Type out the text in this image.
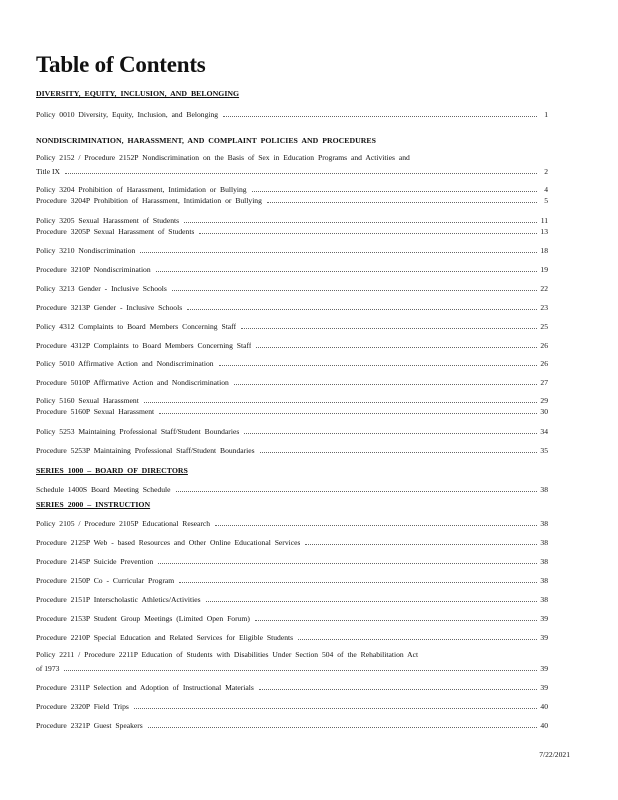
Table of Contents
DIVERSITY, EQUITY, INCLUSION, AND BELONGING
Policy 0010 Diversity, Equity, Inclusion, and Belonging	1
NONDISCRIMINATION, HARASSMENT, AND COMPLAINT POLICIES AND PROCEDURES
Policy 2152 / Procedure 2152P Nondiscrimination on the Basis of Sex in Education Programs and Activities and
Title IX	2
Policy 3204 Prohibition of Harassment, Intimidation or Bullying	4
Procedure 3204P Prohibition of Harassment, Intimidation or Bullying	5
Policy 3205 Sexual Harassment of Students	11
Procedure 3205P Sexual Harassment of Students	13
Policy 3210 Nondiscrimination	18
Procedure 3210P Nondiscrimination	19
Policy 3213 Gender - Inclusive Schools	22
Procedure 3213P Gender - Inclusive Schools	23
Policy 4312 Complaints to Board Members Concerning Staff	25
Procedure 4312P Complaints to Board Members Concerning Staff	26
Policy 5010 Affirmative Action and Nondiscrimination	26
Procedure 5010P Affirmative Action and Nondiscrimination	27
Policy 5160 Sexual Harassment	29
Procedure 5160P Sexual Harassment	30
Policy 5253 Maintaining Professional Staff/Student Boundaries	34
Procedure 5253P Maintaining Professional Staff/Student Boundaries	35
SERIES 1000 – BOARD OF DIRECTORS
Schedule 1400S Board Meeting Schedule	38
SERIES 2000 – INSTRUCTION
Policy 2105 / Procedure 2105P Educational Research	38
Procedure 2125P Web - based Resources and Other Online Educational Services	38
Procedure 2145P Suicide Prevention	38
Procedure 2150P Co - Curricular Program	38
Procedure 2151P Interscholastic Athletics/Activities	38
Procedure 2153P Student Group Meetings (Limited Open Forum)	39
Procedure 2210P Special Education and Related Services for Eligible Students	39
Policy 2211 / Procedure 2211P Education of Students with Disabilities Under Section 504 of the Rehabilitation Act
of 1973	39
Procedure 2311P Selection and Adoption of Instructional Materials	39
Procedure 2320P Field Trips	40
Procedure 2321P Guest Speakers	40
7/22/2021
